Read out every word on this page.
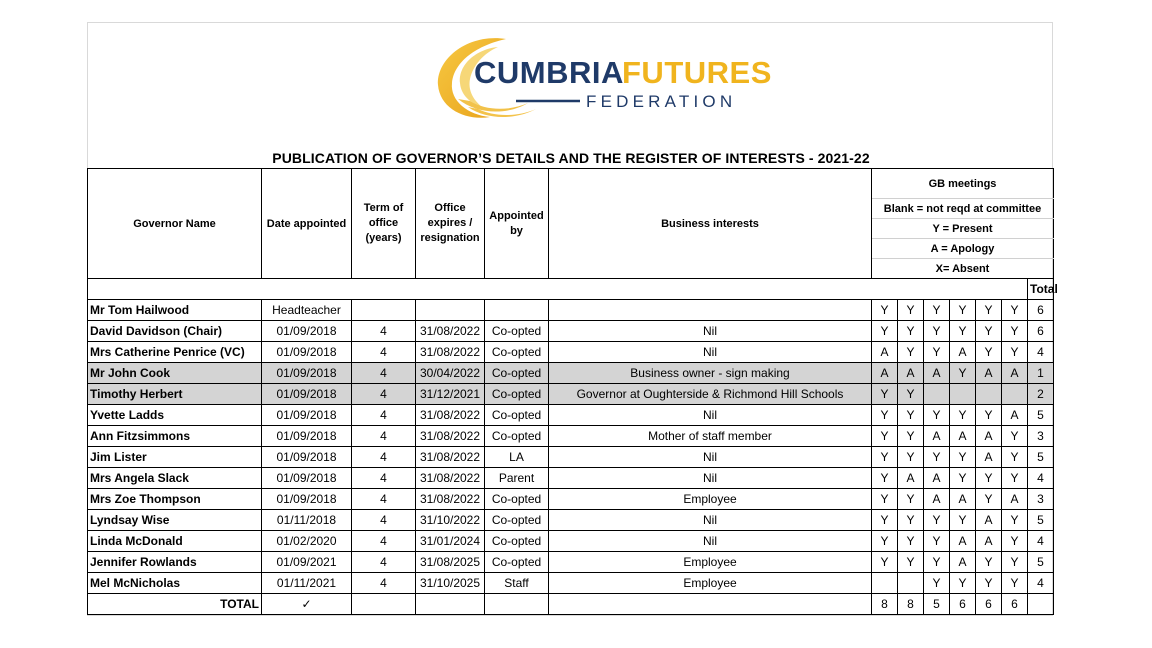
CUMBRIA
FUTURES
FEDERATION
PUBLICATION OF GOVERNOR’S DETAILS AND THE REGISTER OF INTERESTS - 2021-22
Governor Name	Date appointed	Term of office (years)	Office expires / resignation	Appointed by	Business interests	GB meetings						
						Blank = not reqd at committee						
						Y = Present						
						A = Apology						
						X= Absent						
												Total
Mr Tom Hailwood	Headteacher					Y	Y	Y	Y	Y	Y	6
David Davidson (Chair)	01/09/2018	4	31/08/2022	Co-opted	Nil	Y	Y	Y	Y	Y	Y	6
Mrs Catherine Penrice (VC)	01/09/2018	4	31/08/2022	Co-opted	Nil	A	Y	Y	A	Y	Y	4
Mr John Cook	01/09/2018	4	30/04/2022	Co-opted	Business owner - sign making	A	A	A	Y	A	A	1
Timothy Herbert	01/09/2018	4	31/12/2021	Co-opted	Governor at Oughterside & Richmond Hill Schools	Y	Y					2
Yvette Ladds	01/09/2018	4	31/08/2022	Co-opted	Nil	Y	Y	Y	Y	Y	A	5
Ann Fitzsimmons	01/09/2018	4	31/08/2022	Co-opted	Mother of staff member	Y	Y	A	A	A	Y	3
Jim Lister	01/09/2018	4	31/08/2022	LA	Nil	Y	Y	Y	Y	A	Y	5
Mrs Angela Slack	01/09/2018	4	31/08/2022	Parent	Nil	Y	A	A	Y	Y	Y	4
Mrs Zoe Thompson	01/09/2018	4	31/08/2022	Co-opted	Employee	Y	Y	A	A	Y	A	3
Lyndsay Wise	01/11/2018	4	31/10/2022	Co-opted	Nil	Y	Y	Y	Y	A	Y	5
Linda McDonald	01/02/2020	4	31/01/2024	Co-opted	Nil	Y	Y	Y	A	A	Y	4
Jennifer Rowlands	01/09/2021	4	31/08/2025	Co-opted	Employee	Y	Y	Y	A	Y	Y	5
Mel McNicholas	01/11/2021	4	31/10/2025	Staff	Employee			Y	Y	Y	Y	4
TOTAL	✓					8	8	5	6	6	6	
